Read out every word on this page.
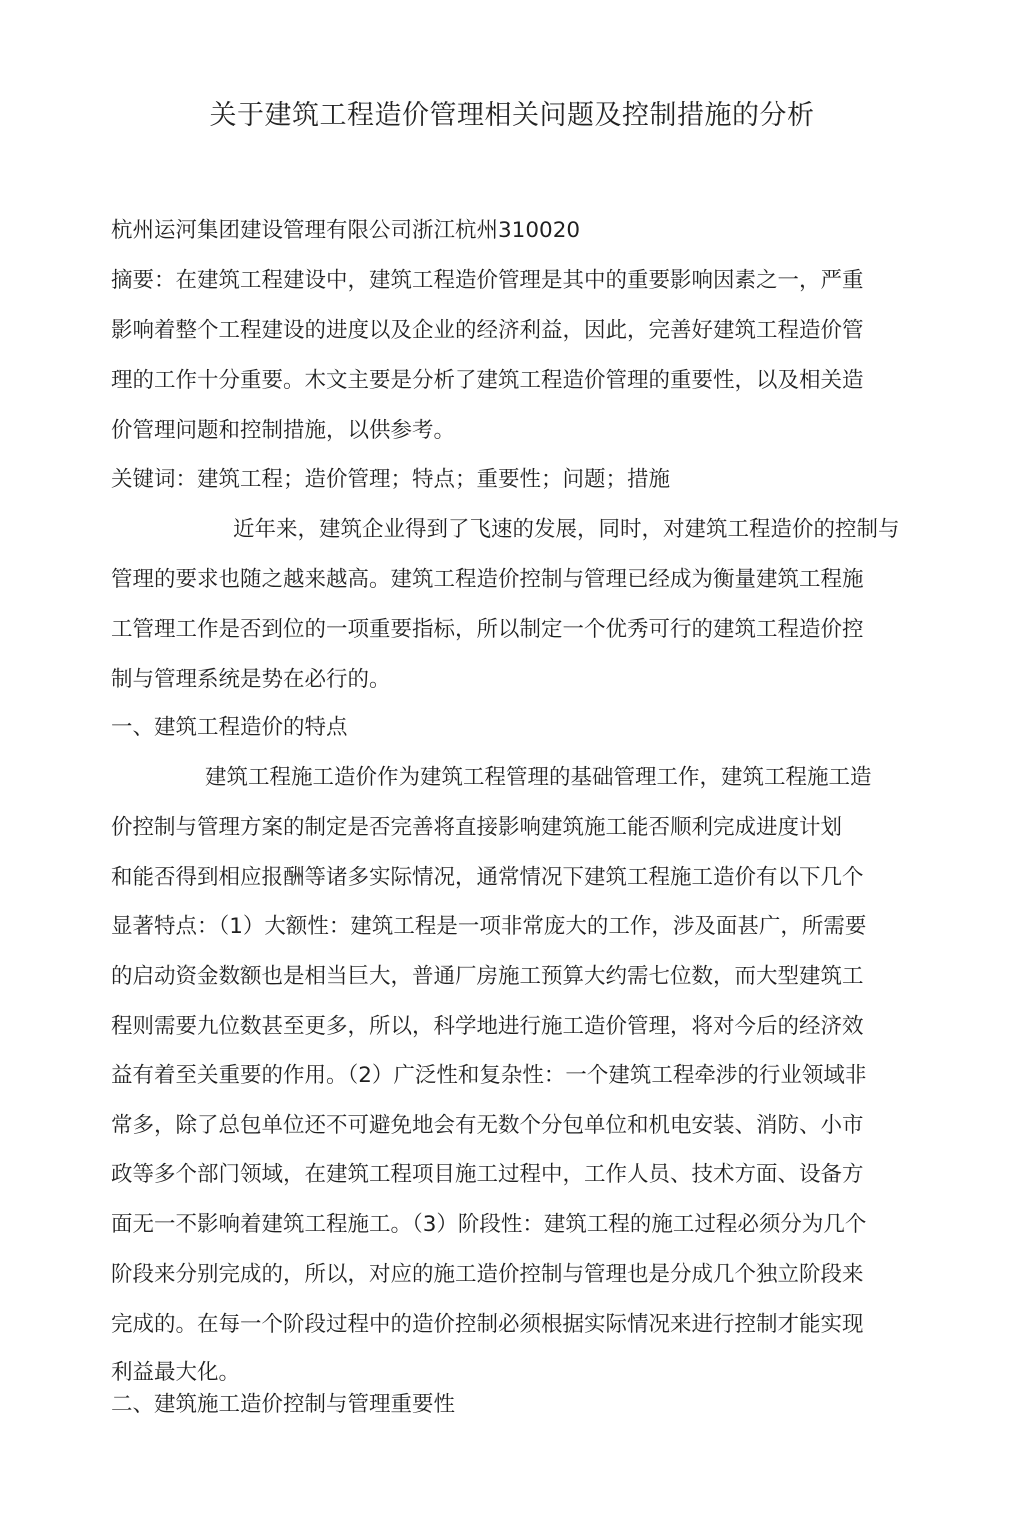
关于建筑工程造价管理相关问题及控制措施的分析
杭州运河集团建设管理有限公司浙江杭州310020
摘要：在建筑工程建设中，建筑工程造价管理是其中的重要影响因素之一，严重
影响着整个工程建设的进度以及企业的经济利益，因此，完善好建筑工程造价管
理的工作十分重要。木文主要是分析了建筑工程造价管理的重要性，以及相关造
价管理问题和控制措施，以供参考。
关键词：建筑工程；造价管理；特点；重要性；问题；措施
近年来，建筑企业得到了飞速的发展，同时，对建筑工程造价的控制与
管理的要求也随之越来越高。建筑工程造价控制与管理已经成为衡量建筑工程施
工管理工作是否到位的一项重要指标，所以制定一个优秀可行的建筑工程造价控
制与管理系统是势在必行的。
一、建筑工程造价的特点
建筑工程施工造价作为建筑工程管理的基础管理工作，建筑工程施工造
价控制与管理方案的制定是否完善将直接影响建筑施工能否顺利完成进度计划
和能否得到相应报酬等诸多实际情况，通常情况下建筑工程施工造价有以下几个
显著特点：（1）大额性：建筑工程是一项非常庞大的工作，涉及面甚广，所需要
的启动资金数额也是相当巨大，普通厂房施工预算大约需七位数，而大型建筑工
程则需要九位数甚至更多，所以，科学地进行施工造价管理，将对今后的经济效
益有着至关重要的作用。（2）广泛性和复杂性：一个建筑工程牵涉的行业领域非
常多，除了总包单位还不可避免地会有无数个分包单位和机电安装、消防、小市
政等多个部门领域，在建筑工程项目施工过程中，工作人员、技术方面、设备方
面无一不影响着建筑工程施工。（3）阶段性：建筑工程的施工过程必须分为几个
阶段来分别完成的，所以，对应的施工造价控制与管理也是分成几个独立阶段来
完成的。在每一个阶段过程中的造价控制必须根据实际情况来进行控制才能实现
利益最大化。
二、建筑施工造价控制与管理重要性
